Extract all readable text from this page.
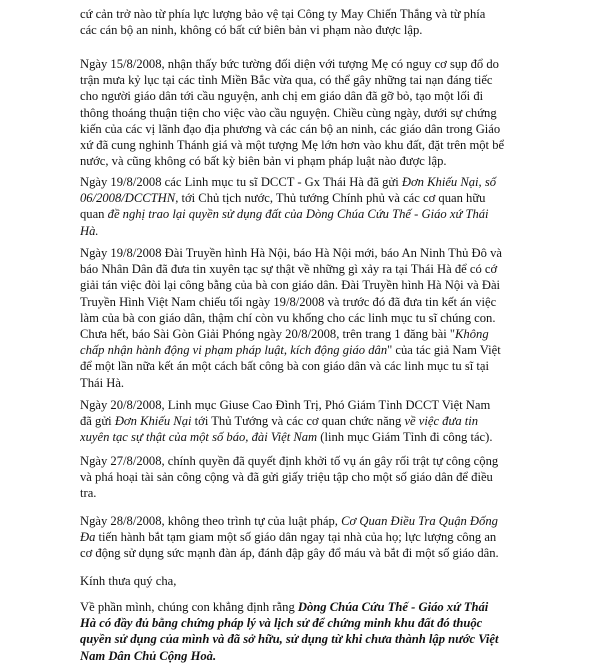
cứ cản trở nào từ phía lực lượng bảo vệ tại Công ty May Chiến Thắng và từ phía
các cán bộ an ninh, không có bất cứ biên bản vi phạm nào được lập.

Ngày 15/8/2008, nhận thấy bức tường đối diện với tượng Mẹ có nguy cơ sụp đổ do
trận mưa kỷ lục tại các tỉnh Miền Bắc vừa qua, có thể gây những tai nạn đáng tiếc
cho người giáo dân tới cầu nguyện, anh chị em giáo dân đã gỡ bỏ, tạo một lối đi
thông thoáng thuận tiện cho việc vào cầu nguyện. Chiều cùng ngày, dưới sự chứng
kiến của các vị lãnh đạo địa phương và các cán bộ an ninh, các giáo dân trong Giáo
xứ đã cung nghinh Thánh giá và một tượng Mẹ lớn hơn vào khu đất, đặt trên một bể
nước, và cũng không có bất kỳ biên bản vi phạm pháp luật nào được lập.

Ngày 19/8/2008 các Linh mục tu sĩ DCCT - Gx Thái Hà đã gửi Đơn Khiếu Nại, số
06/2008/DCCTHN, tới Chủ tịch nước, Thủ tướng Chính phủ và các cơ quan hữu
quan đề nghị trao lại quyền sử dụng đất của Dòng Chúa Cứu Thế - Giáo xứ Thái
Hà.

Ngày 19/8/2008 Đài Truyền hình Hà Nội, báo Hà Nội mới, báo An Ninh Thủ Đô và
báo Nhân Dân đã đưa tin xuyên tạc sự thật về những gì xảy ra tại Thái Hà để có cớ
giải tán việc đòi lại công bằng của bà con giáo dân. Đài Truyền hình Hà Nội và Đài
Truyền Hình Việt Nam chiếu tối ngày 19/8/2008 và trước đó đã đưa tin kết án việc
làm của bà con giáo dân, thậm chí còn vu khống cho các linh mục tu sĩ chúng con.
Chưa hết, báo Sài Gòn Giải Phóng ngày 20/8/2008, trên trang 1 đăng bài "Không
chấp nhận hành động vi phạm pháp luật, kích động giáo dân" của tác giả Nam Việt
để một lần nữa kết án một cách bất công bà con giáo dân và các linh mục tu sĩ tại
Thái Hà.

Ngày 20/8/2008, Linh mục Giuse Cao Đình Trị, Phó Giám Tỉnh DCCT Việt Nam
đã gửi Đơn Khiếu Nại tới Thủ Tướng và các cơ quan chức năng về việc đưa tin
xuyên tạc sự thật của một số báo, đài Việt Nam (linh mục Giám Tỉnh đi công tác).

Ngày 27/8/2008, chính quyền đã quyết định khởi tố vụ án gây rối trật tự công cộng
và phá hoại tài sản công cộng và đã gửi giấy triệu tập cho một số giáo dân để điều
tra.

Ngày 28/8/2008, không theo trình tự của luật pháp, Cơ Quan Điều Tra Quận Đống
Đa tiến hành bắt tạm giam một số giáo dân ngay tại nhà của họ; lực lượng công an
cơ động sử dụng sức mạnh đàn áp, đánh đập gây đổ máu và bắt đi một số giáo dân.

Kính thưa quý cha,

Về phần mình, chúng con khẳng định rằng Dòng Chúa Cứu Thế - Giáo xứ Thái
Hà có đầy đủ bằng chứng pháp lý và lịch sử để chứng minh khu đất đó thuộc
quyền sử dụng của mình và đã sở hữu, sử dụng từ khi chưa thành lập nước Việt
Nam Dân Chủ Cộng Hoà.
